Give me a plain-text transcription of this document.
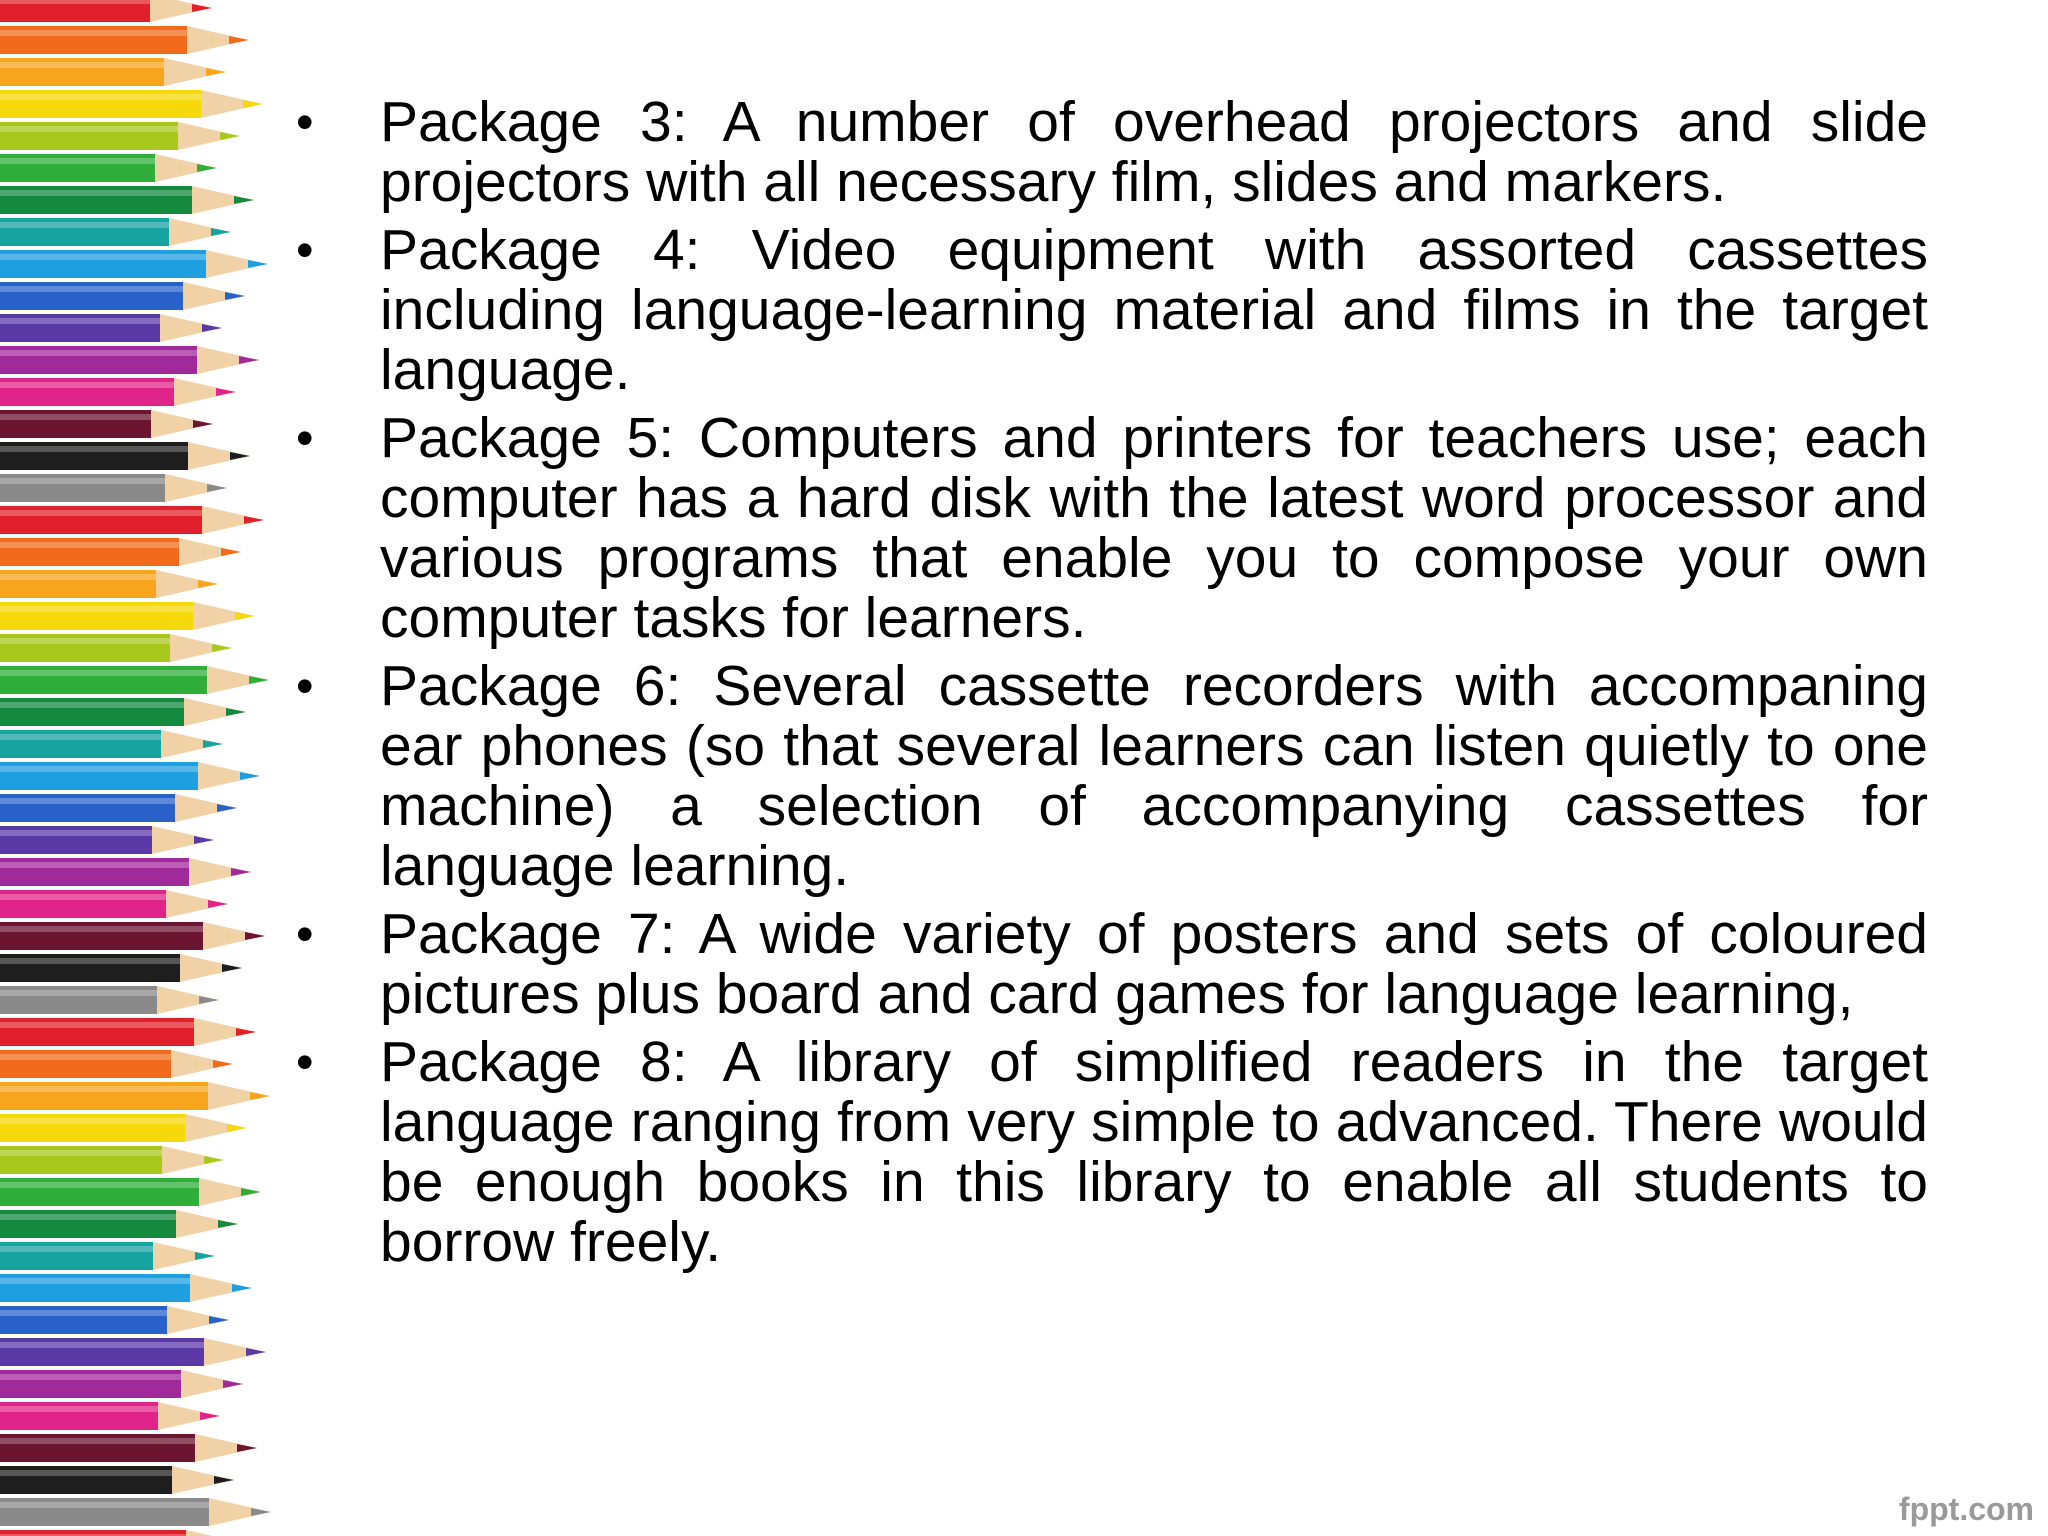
• Package 3: A number of overhead projectors and slide projectors with all necessary film, slides and markers.
• Package 4: Video equipment with assorted cassettes including language-learning material and films in the target language.
• Package 5: Computers and printers for teachers use; each computer has a hard disk with the latest word processor and various programs that enable you to compose your own computer tasks for learners.
• Package 6: Several cassette recorders with accompaning ear phones (so that several learners can listen quietly to one machine) a selection of accompanying cassettes for language learning.
• Package 7: A wide variety of posters and sets of coloured pictures plus board and card games for language learning,
• Package 8: A library of simplified readers in the target language ranging from very simple to advanced. There would be enough books in this library to enable all students to borrow freely.
fppt.com
